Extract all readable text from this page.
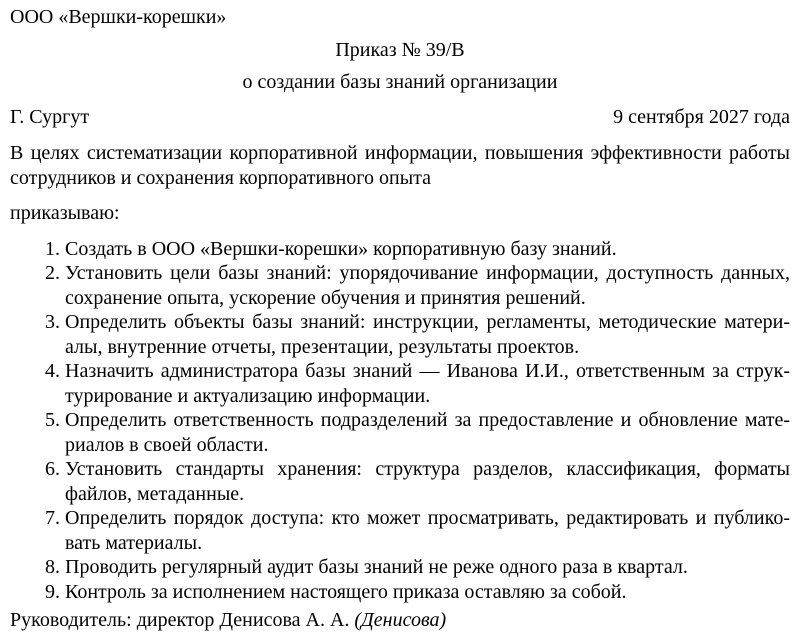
ООО «Вершки-корешки»

Приказ № 39/В

о создании базы знаний организации

Г. Сургут	9 сентября 2027 года

В целях систематизации корпоративной информации, повышения эффективности работы сотрудников и сохранения корпоративного опыта

приказываю:

1. Создать в ООО «Вершки-корешки» корпоративную базу знаний.
2. Установить цели базы знаний: упорядочивание информации, доступность данных, сохранение опыта, ускорение обучения и принятия решений.
3. Определить объекты базы знаний: инструкции, регламенты, методические материалы, внутренние отчеты, презентации, результаты проектов.
4. Назначить администратора базы знаний — Иванова И.И., ответственным за структурирование и актуализацию информации.
5. Определить ответственность подразделений за предоставление и обновление материалов в своей области.
6. Установить стандарты хранения: структура разделов, классификация, форматы файлов, метаданные.
7. Определить порядок доступа: кто может просматривать, редактировать и публиковать материалы.
8. Проводить регулярный аудит базы знаний не реже одного раза в квартал.
9. Контроль за исполнением настоящего приказа оставляю за собой.

Руководитель: директор Денисова А. А. (Денисова)
